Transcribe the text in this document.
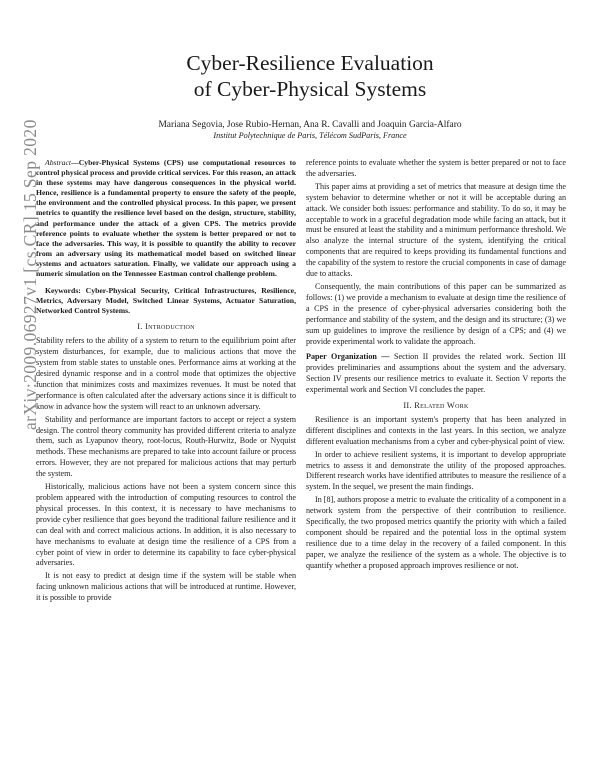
arXiv:2009.06927v1 [cs.CR] 15 Sep 2020
Cyber-Resilience Evaluation
of Cyber-Physical Systems
Mariana Segovia, Jose Rubio-Hernan, Ana R. Cavalli and Joaquin Garcia-Alfaro
Institut Polytechnique de Paris, Télécom SudParis, France

Abstract—Cyber-Physical Systems (CPS) use computational resources to control physical process and provide critical services. For this reason, an attack in these systems may have dangerous consequences in the physical world. Hence, resilience is a fundamental property to ensure the safety of the people, the environment and the controlled physical process. In this paper, we present metrics to quantify the resilience level based on the design, structure, stability, and performance under the attack of a given CPS. The metrics provide reference points to evaluate whether the system is better prepared or not to face the adversaries. This way, it is possible to quantify the ability to recover from an adversary using its mathematical model based on switched linear systems and actuators saturation. Finally, we validate our approach using a numeric simulation on the Tennessee Eastman control challenge problem.

Keywords: Cyber-Physical Security, Critical Infrastructures, Resilience, Metrics, Adversary Model, Switched Linear Systems, Actuator Saturation, Networked Control Systems.

I. Introduction

Stability refers to the ability of a system to return to the equilibrium point after system disturbances, for example, due to malicious actions that move the system from stable states to unstable ones. Performance aims at working at the desired dynamic response and in a control mode that optimizes the objective function that minimizes costs and maximizes revenues. It must be noted that performance is often calculated after the adversary actions since it is difficult to know in advance how the system will react to an unknown adversary.

Stability and performance are important factors to accept or reject a system design. The control theory community has provided different criteria to analyze them, such as Lyapunov theory, root-locus, Routh-Hurwitz, Bode or Nyquist methods. These mechanisms are prepared to take into account failure or process errors. However, they are not prepared for malicious actions that may perturb the system.

Historically, malicious actions have not been a system concern since this problem appeared with the introduction of computing resources to control the physical processes. In this context, it is necessary to have mechanisms to provide cyber resilience that goes beyond the traditional failure resilience and it can deal with and correct malicious actions. In addition, it is also necessary to have mechanisms to evaluate at design time the resilience of a CPS from a cyber point of view in order to determine its capability to face cyber-physical adversaries.

It is not easy to predict at design time if the system will be stable when facing unknown malicious actions that will be introduced at runtime. However, it is possible to provide

reference points to evaluate whether the system is better prepared or not to face the adversaries.

This paper aims at providing a set of metrics that measure at design time the system behavior to determine whether or not it will be acceptable during an attack. We consider both issues: performance and stability. To do so, it may be acceptable to work in a graceful degradation mode while facing an attack, but it must be ensured at least the stability and a minimum performance threshold. We also analyze the internal structure of the system, identifying the critical components that are required to keeps providing its fundamental functions and the capability of the system to restore the crucial components in case of damage due to attacks.

Consequently, the main contributions of this paper can be summarized as follows: (1) we provide a mechanism to evaluate at design time the resilience of a CPS in the presence of cyber-physical adversaries considering both the performance and stability of the system, and the design and its structure; (3) we sum up guidelines to improve the resilience by design of a CPS; and (4) we provide experimental work to validate the approach.

Paper Organization — Section II provides the related work. Section III provides preliminaries and assumptions about the system and the adversary. Section IV presents our resilience metrics to evaluate it. Section V reports the experimental work and Section VI concludes the paper.

II. Related Work

Resilience is an important system's property that has been analyzed in different disciplines and contexts in the last years. In this section, we analyze different evaluation mechanisms from a cyber and cyber-physical point of view.

In order to achieve resilient systems, it is important to develop appropriate metrics to assess it and demonstrate the utility of the proposed approaches. Different research works have identified attributes to measure the resilience of a system. In the sequel, we present the main findings.

In [8], authors propose a metric to evaluate the criticality of a component in a network system from the perspective of their contribution to resilience. Specifically, the two proposed metrics quantify the priority with which a failed component should be repaired and the potential loss in the optimal system resilience due to a time delay in the recovery of a failed component. In this paper, we analyze the resilience of the system as a whole. The objective is to quantify whether a proposed approach improves resilience or not.
